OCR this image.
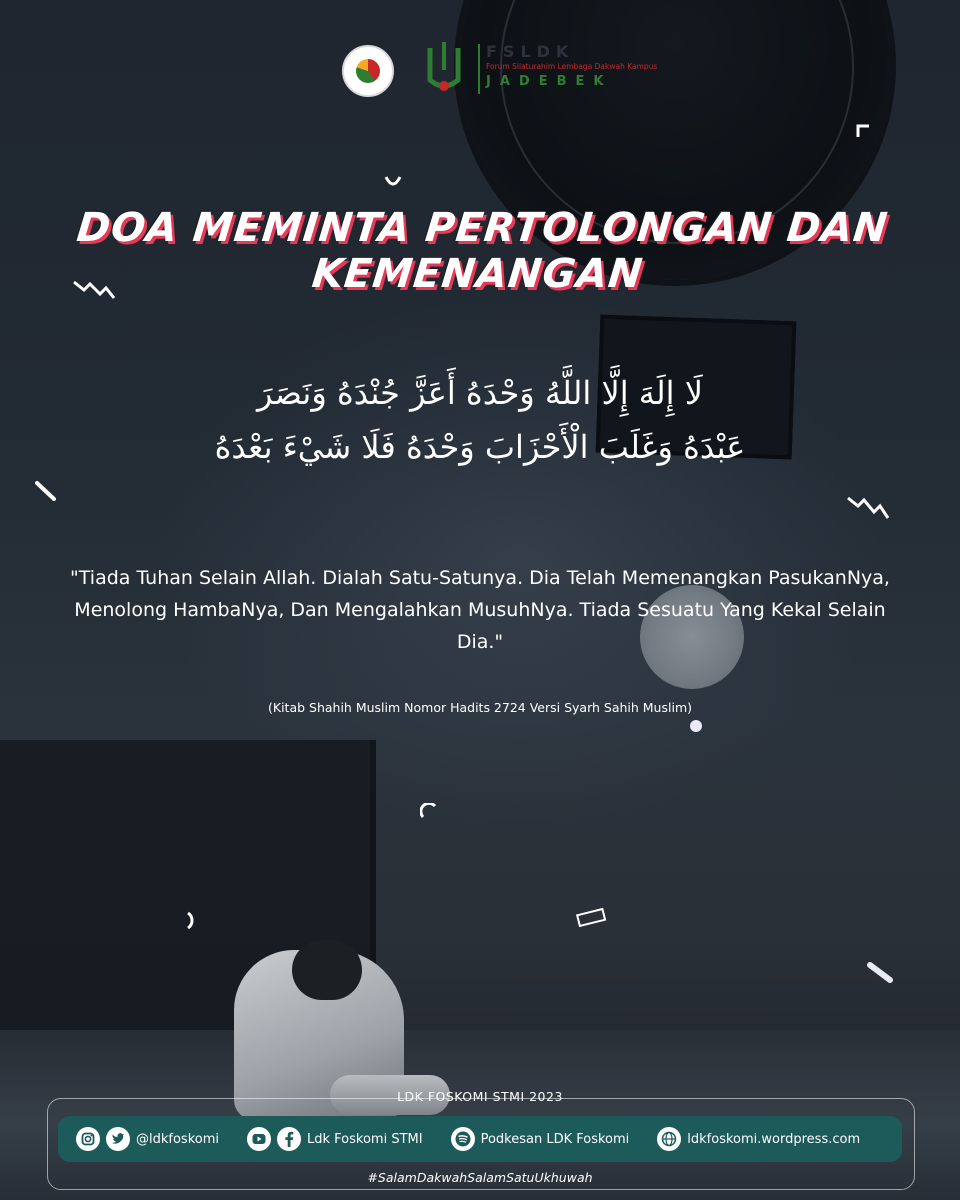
FSLDK
Forum Silaturahim Lembaga Dakwah Kampus
JADEBEK
DOA MEMINTA PERTOLONGAN DAN KEMENANGAN
لَا إِلَهَ إِلَّا اللَّهُ وَحْدَهُ أَعَزَّ جُنْدَهُ وَنَصَرَ
عَبْدَهُ وَغَلَبَ الْأَحْزَابَ وَحْدَهُ فَلَا شَيْءَ بَعْدَهُ
"Tiada Tuhan Selain Allah. Dialah Satu-Satunya. Dia Telah Memenangkan PasukanNya, Menolong HambaNya, Dan Mengalahkan MusuhNya. Tiada Sesuatu Yang Kekal Selain Dia."
(Kitab Shahih Muslim Nomor Hadits 2724 Versi Syarh Sahih Muslim)
LDK FOSKOMI STMI 2023
@ldkfoskomi	Ldk Foskomi STMI	Podkesan LDK Foskomi	ldkfoskomi.wordpress.com
#SalamDakwahSalamSatuUkhuwah
